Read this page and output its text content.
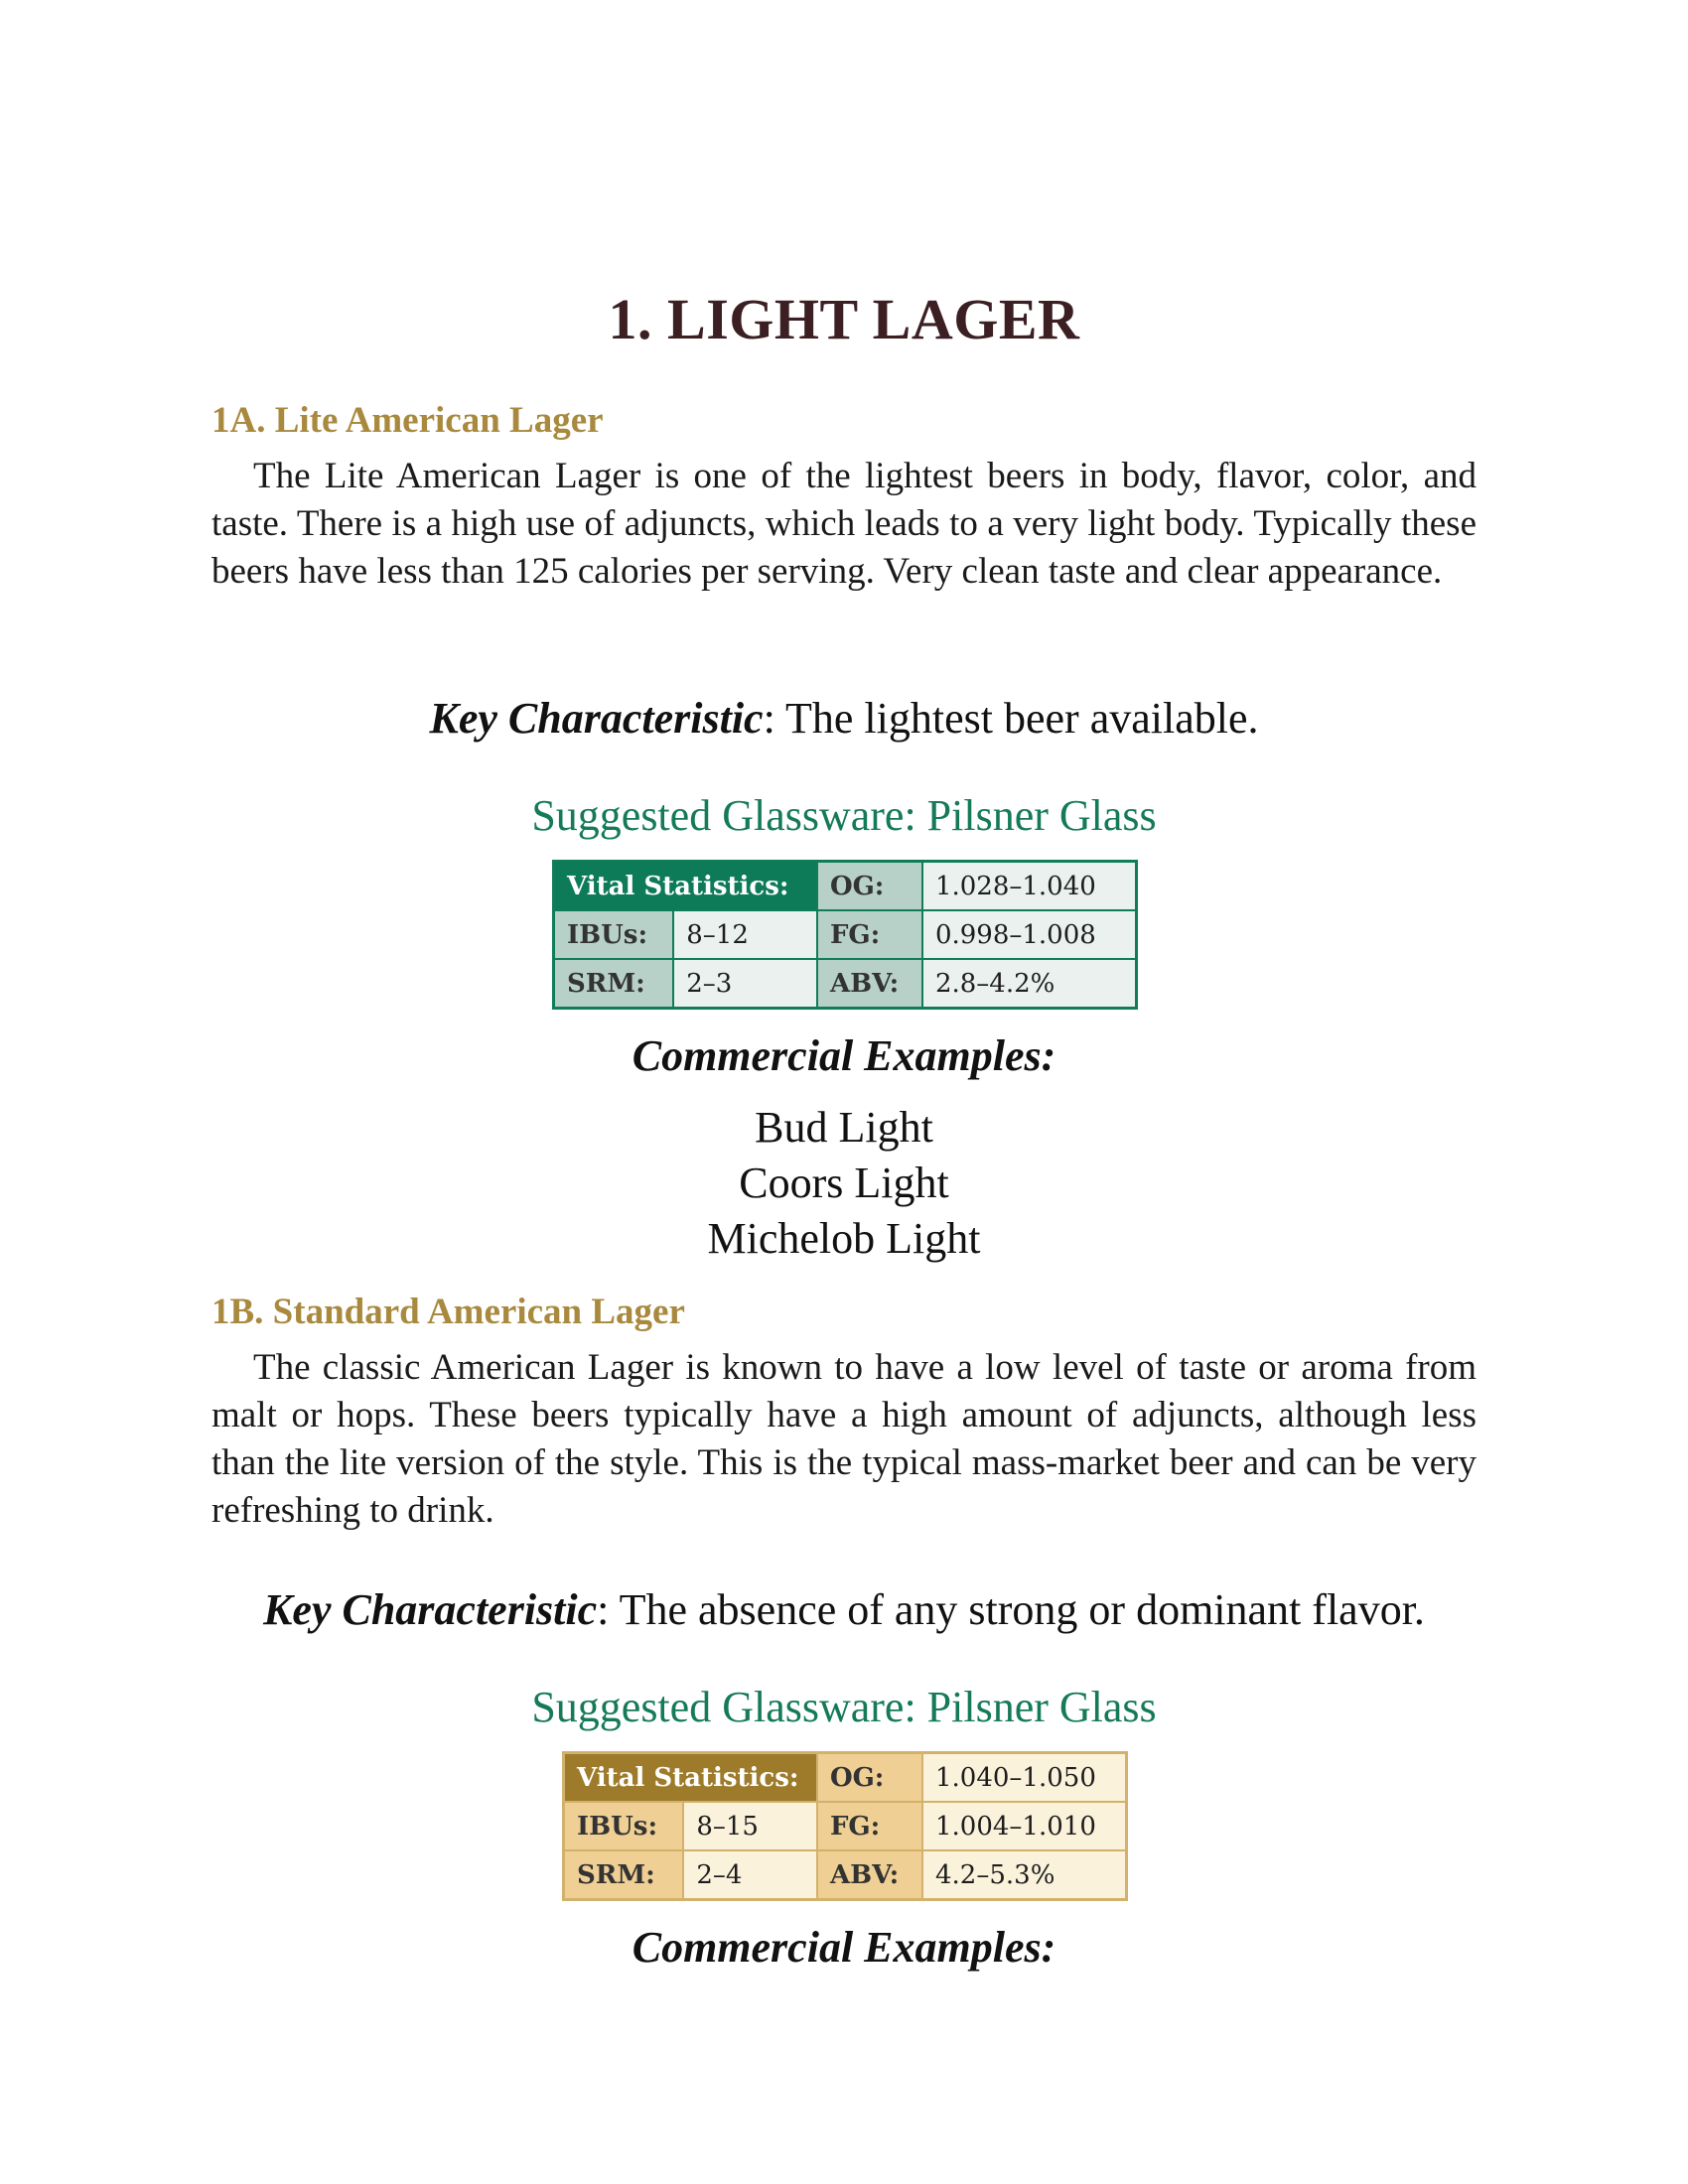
1. LIGHT LAGER
1A. Lite American Lager
The Lite American Lager is one of the lightest beers in body, flavor, color, and taste. There is a high use of adjuncts, which leads to a very light body. Typically these beers have less than 125 calories per serving. Very clean taste and clear appearance.
Key Characteristic: The lightest beer available.
Suggested Glassware: Pilsner Glass
Vital Statistics:		OG:	1.028–1.040
IBUs:	8–12	FG:	0.998–1.008
SRM:	2–3	ABV:	2.8–4.2%
Commercial Examples:
Bud Light
Coors Light
Michelob Light
1B. Standard American Lager
The classic American Lager is known to have a low level of taste or aroma from malt or hops. These beers typically have a high amount of adjuncts, although less than the lite version of the style. This is the typical mass-market beer and can be very refreshing to drink.
Key Characteristic: The absence of any strong or dominant flavor.
Suggested Glassware: Pilsner Glass
Vital Statistics:		OG:	1.040–1.050
IBUs:	8–15	FG:	1.004–1.010
SRM:	2–4	ABV:	4.2–5.3%
Commercial Examples:
